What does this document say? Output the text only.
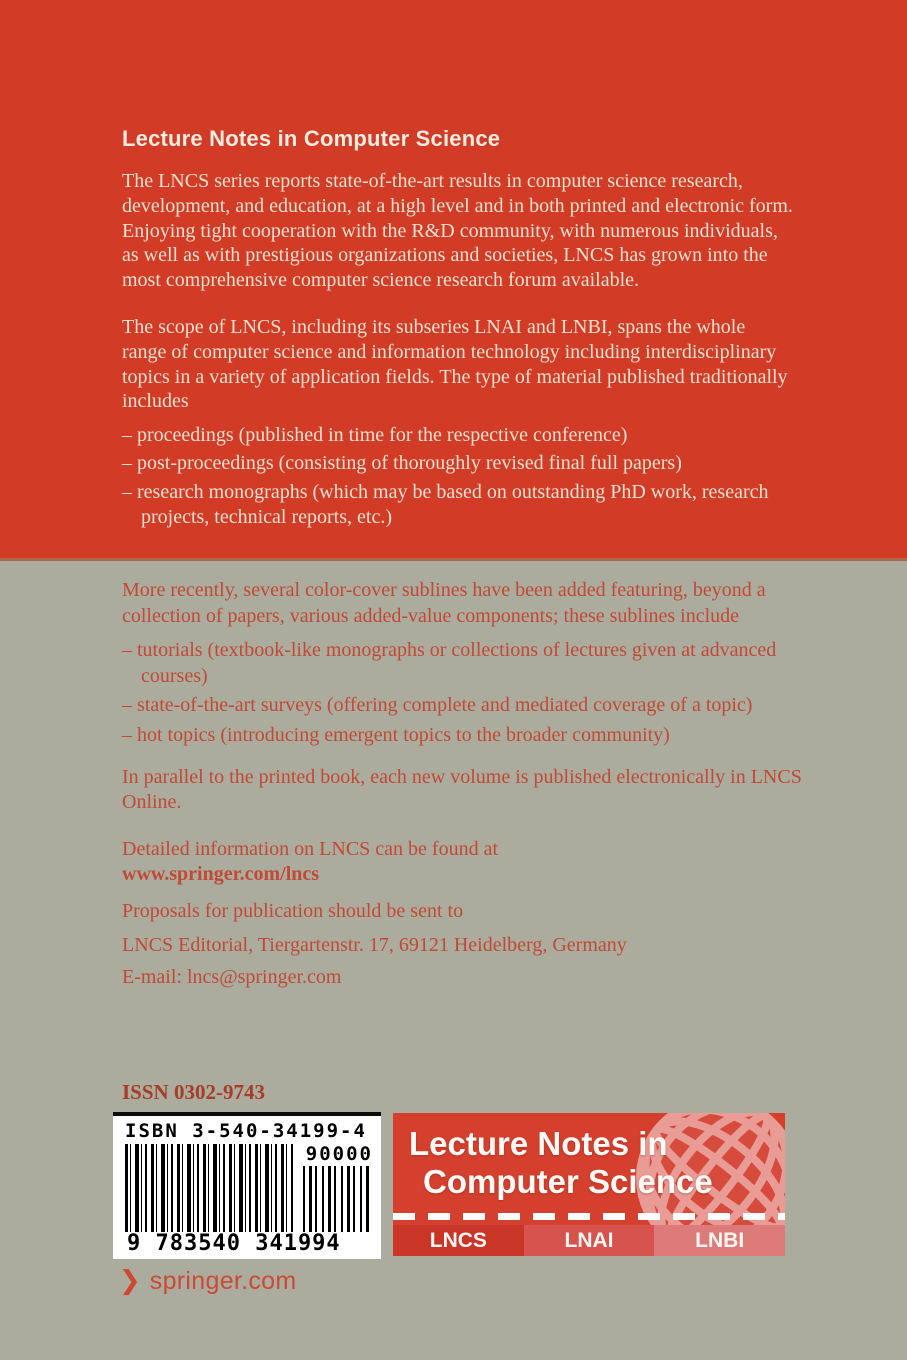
Lecture Notes in Computer Science

The LNCS series reports state-of-the-art results in computer science research, development, and education, at a high level and in both printed and electronic form. Enjoying tight cooperation with the R&D community, with numerous individuals, as well as with prestigious organizations and societies, LNCS has grown into the most comprehensive computer science research forum available.

The scope of LNCS, including its subseries LNAI and LNBI, spans the whole range of computer science and information technology including interdisciplinary topics in a variety of application fields. The type of material published traditionally includes

– proceedings (published in time for the respective conference)
– post-proceedings (consisting of thoroughly revised final full papers)
– research monographs (which may be based on outstanding PhD work, research projects, technical reports, etc.)

More recently, several color-cover sublines have been added featuring, beyond a collection of papers, various added-value components; these sublines include

– tutorials (textbook-like monographs or collections of lectures given at advanced courses)
– state-of-the-art surveys (offering complete and mediated coverage of a topic)
– hot topics (introducing emergent topics to the broader community)

In parallel to the printed book, each new volume is published electronically in LNCS Online.

Detailed information on LNCS can be found at

www.springer.com/lncs

Proposals for publication should be sent to

LNCS Editorial, Tiergartenstr. 17, 69121 Heidelberg, Germany

E-mail: lncs@springer.com

ISSN 0302-9743
ISBN 3-540-34199-4
90000
9 783540 341994
Lecture Notes in
Computer Science
LNCS	LNAI	LNBI
❯ springer.com
